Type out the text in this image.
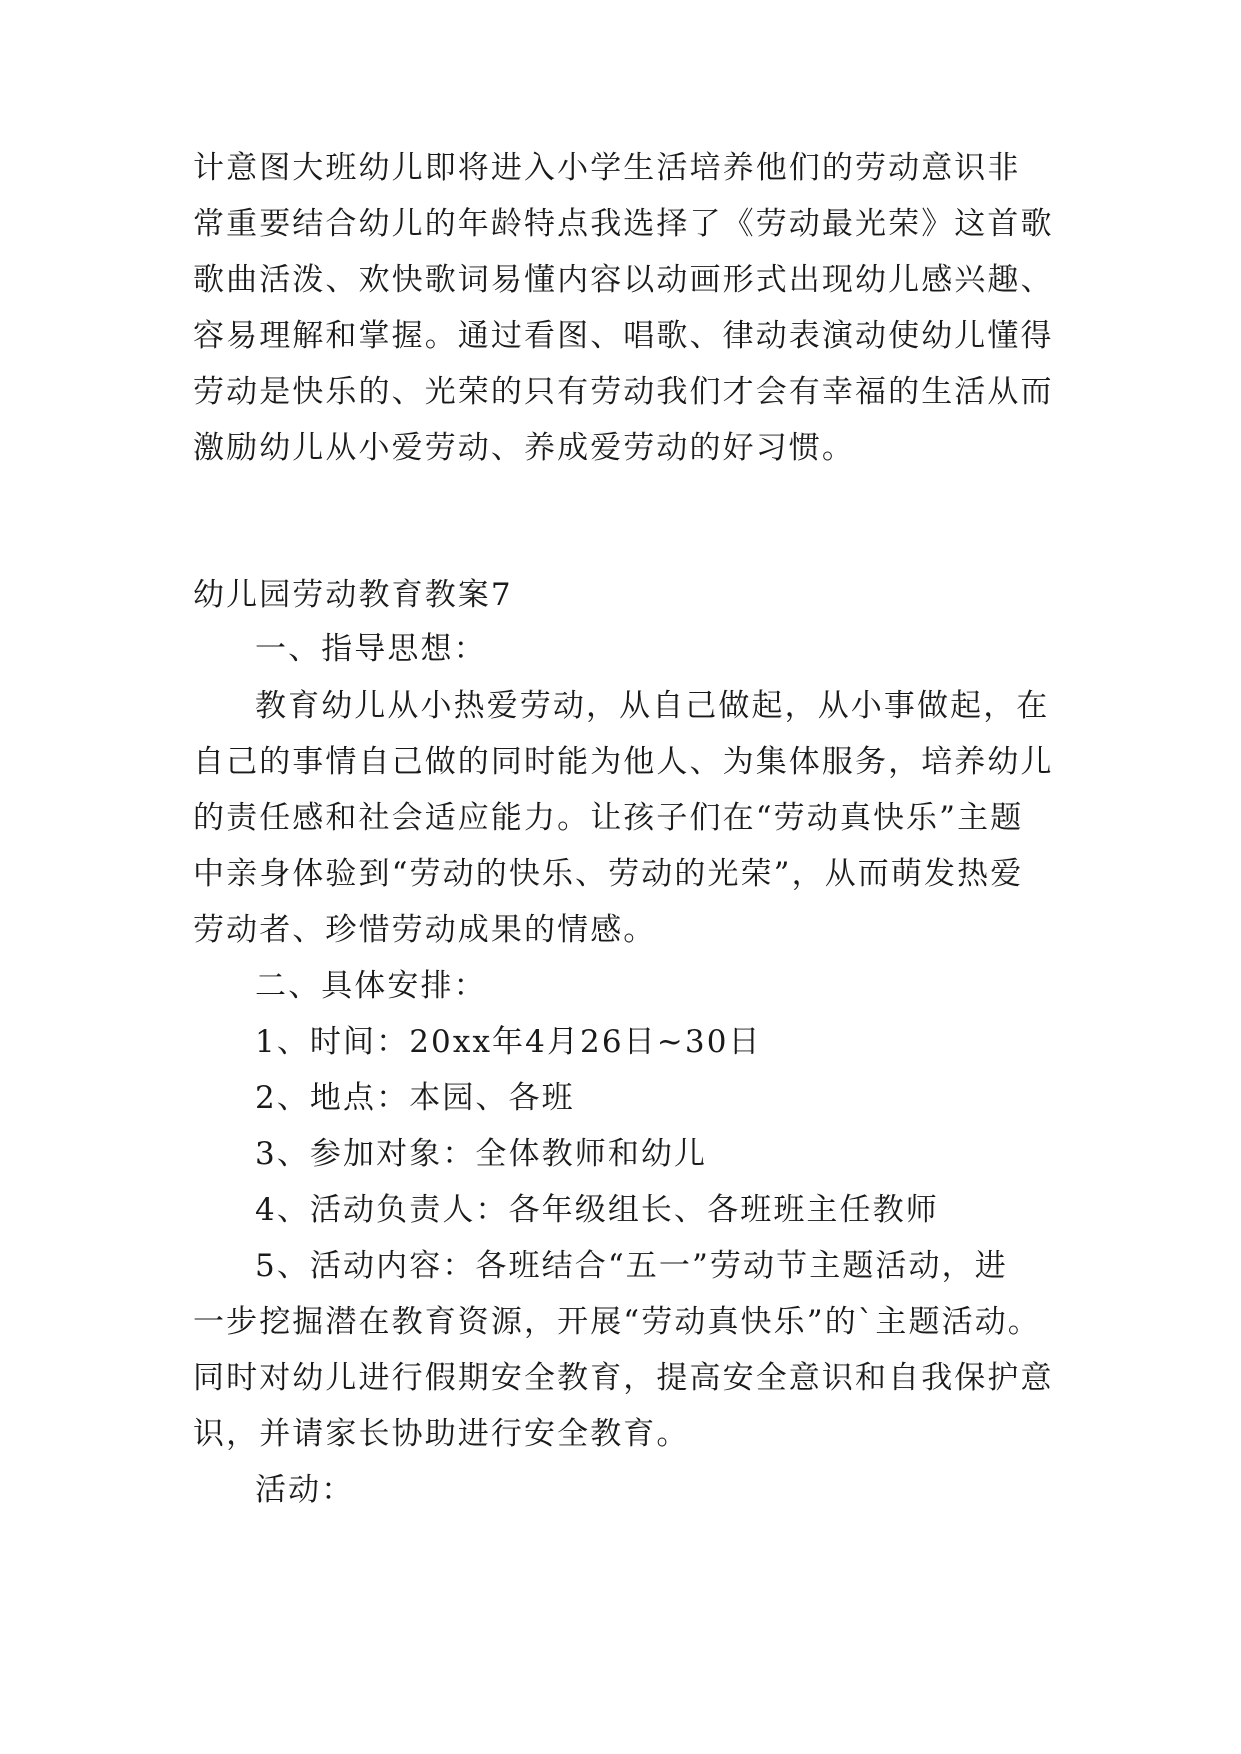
计意图大班幼儿即将进入小学生活培养他们的劳动意识非
常重要结合幼儿的年龄特点我选择了《劳动最光荣》这首歌
歌曲活泼、欢快歌词易懂内容以动画形式出现幼儿感兴趣、
容易理解和掌握。通过看图、唱歌、律动表演动使幼儿懂得
劳动是快乐的、光荣的只有劳动我们才会有幸福的生活从而
激励幼儿从小爱劳动、养成爱劳动的好习惯。
幼儿园劳动教育教案7
一、指导思想：
教育幼儿从小热爱劳动，从自己做起，从小事做起，在
自己的事情自己做的同时能为他人、为集体服务，培养幼儿
的责任感和社会适应能力。让孩子们在“劳动真快乐”主题
中亲身体验到“劳动的快乐、劳动的光荣”，从而萌发热爱
劳动者、珍惜劳动成果的情感。
二、具体安排：
1、时间：20xx年4月26日~30日
2、地点：本园、各班
3、参加对象：全体教师和幼儿
4、活动负责人：各年级组长、各班班主任教师
5、活动内容：各班结合“五一”劳动节主题活动，进
一步挖掘潜在教育资源，开展“劳动真快乐”的`主题活动。
同时对幼儿进行假期安全教育，提高安全意识和自我保护意
识，并请家长协助进行安全教育。
活动：
